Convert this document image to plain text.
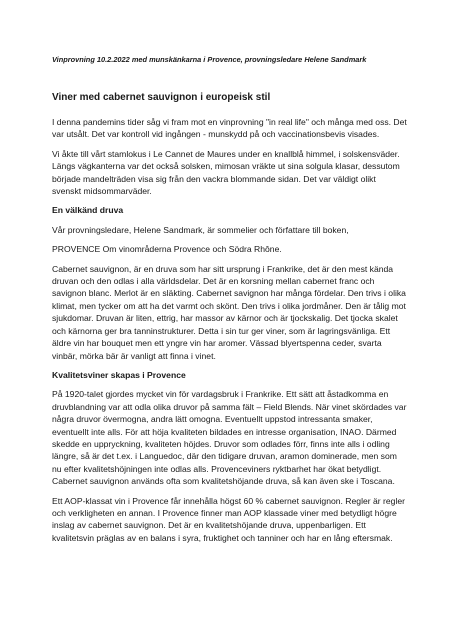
Vinprovning 10.2.2022 med munskänkarna i Provence, provningsledare Helene Sandmark
Viner med cabernet sauvignon i europeisk stil

I denna pandemins tider såg vi fram mot en vinprovning "in real life" och många med oss. Det var utsålt. Det var kontroll vid ingången - munskydd på och vaccinationsbevis visades.

Vi åkte till vårt stamlokus i Le Cannet de Maures under en knallblå himmel, i solskensväder. Längs vägkanterna var det också solsken, mimosan vräkte ut sina solgula klasar, dessutom började mandelträden visa sig från den vackra blommande sidan. Det var väldigt olikt svenskt midsommarväder.

En välkänd druva

Vår provningsledare, Helene Sandmark, är sommelier och författare till boken,

PROVENCE Om vinområderna Provence och Södra Rhône.

Cabernet sauvignon, är en druva som har sitt ursprung i Frankrike, det är den mest kända druvan och den odlas i alla världsdelar. Det är en korsning mellan cabernet franc och savignon blanc. Merlot är en släkting. Cabernet savignon har många fördelar. Den trivs i olika klimat, men tycker om att ha det varmt och skönt. Den trivs i olika jordmåner. Den är tålig mot sjukdomar. Druvan är liten, ettrig, har massor av kärnor och är tjockskalig. Det tjocka skalet och kärnorna ger bra tanninstrukturer. Detta i sin tur ger viner, som är lagringsvänliga. Ett äldre vin har bouquet men ett yngre vin har aromer. Vässad blyertspenna ceder, svarta vinbär, mörka bär är vanligt att finna i vinet.

Kvalitetsviner skapas i Provence

På 1920-talet gjordes mycket vin för vardagsbruk i Frankrike. Ett sätt att åstadkomma en druvblandning var att odla olika druvor på samma fält – Field Blends. När vinet skördades var några druvor övermogna, andra lätt omogna. Eventuellt uppstod intressanta smaker, eventuellt inte alls. För att höja kvaliteten bildades en intresse organisation, INAO. Därmed skedde en uppryckning, kvaliteten höjdes. Druvor som odlades förr, finns inte alls i odling längre, så är det t.ex. i Languedoc, där den tidigare druvan, aramon dominerade, men som nu efter kvalitetshöjningen inte odlas alls. Provenceviners ryktbarhet har ökat betydligt. Cabernet sauvignon används ofta som kvalitetshöjande druva, så kan även ske i Toscana.

Ett AOP-klassat vin i Provence får innehålla högst 60 % cabernet sauvignon. Regler är regler och verkligheten en annan. I Provence finner man AOP klassade viner med betydligt högre inslag av cabernet sauvignon. Det är en kvalitetshöjande druva, uppenbarligen. Ett kvalitetsvin präglas av en balans i syra, fruktighet och tanniner och har en lång eftersmak.
